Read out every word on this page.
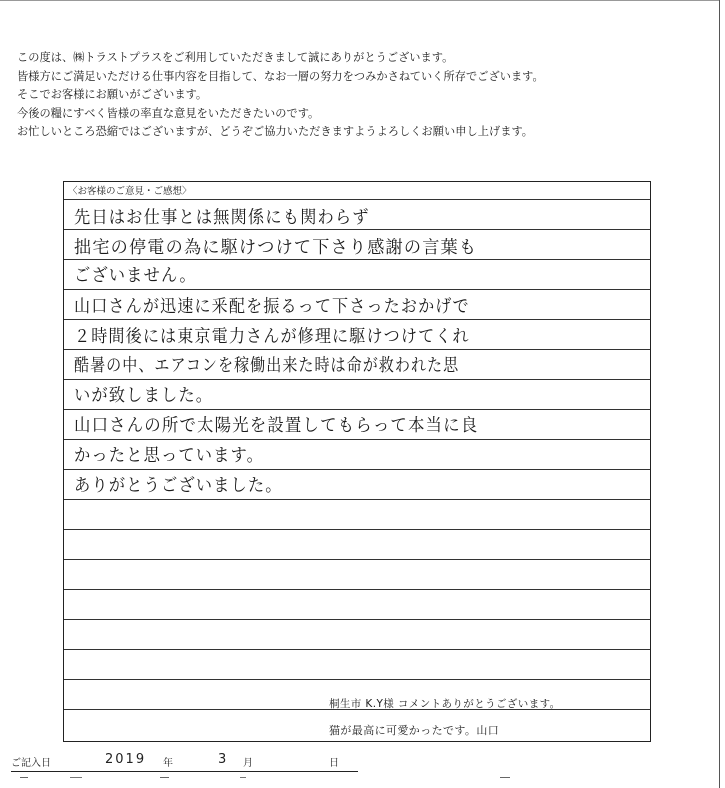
この度は、㈱トラストプラスをご利用していただきまして誠にありがとうございます。
皆様方にご満足いただける仕事内容を目指して、なお一層の努力をつみかさねていく所存でございます。
そこでお客様にお願いがございます。
今後の糧にすべく皆様の率直な意見をいただきたいのです。
お忙しいところ恐縮ではございますが、どうぞご協力いただきますようよろしくお願い申し上げます。
〈お客様のご意見・ご感想〉
先日はお仕事とは無関係にも関わらず
拙宅の停電の為に駆けつけて下さり感謝の言葉も
ございません。
山口さんが迅速に釆配を振るって下さったおかげで
２時間後には東京電力さんが修理に駆けつけてくれ
酷暑の中、エアコンを稼働出来た時は命が救われた思
いが致しました。
山口さんの所で太陽光を設置してもらって本当に良
かったと思っています。
ありがとうございました。
桐生市 K.Y様 コメントありがとうございます。
猫が最高に可愛かったです。山口
ご記入日	2019 年	3 月	日
